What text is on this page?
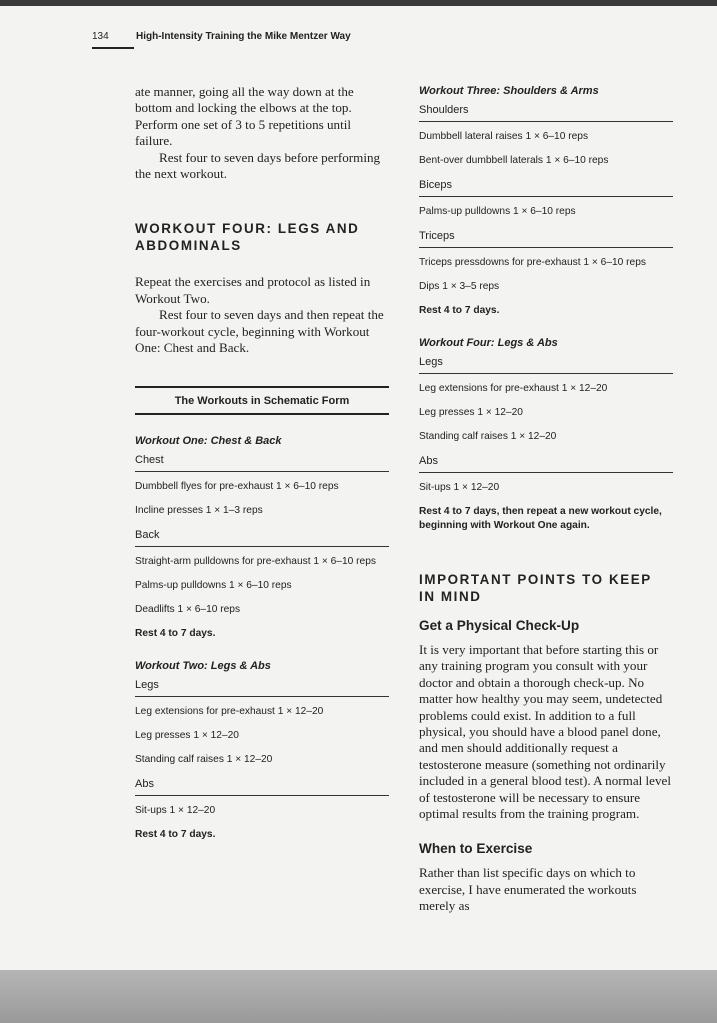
134	High-Intensity Training the Mike Mentzer Way

ate manner, going all the way down at the bottom and locking the elbows at the top. Perform one set of 3 to 5 repetitions until failure.

Rest four to seven days before performing the next workout.

WORKOUT FOUR: LEGS AND ABDOMINALS

Repeat the exercises and protocol as listed in Workout Two.

Rest four to seven days and then repeat the four-workout cycle, beginning with Workout One: Chest and Back.

The Workouts in Schematic Form
Workout One: Chest & Back
Chest
Dumbbell flyes for pre-exhaust 1 × 6–10 reps
Incline presses 1 × 1–3 reps
Back
Straight-arm pulldowns for pre-exhaust 1 × 6–10 reps
Palms-up pulldowns 1 × 6–10 reps
Deadlifts 1 × 6–10 reps
Rest 4 to 7 days.
Workout Two: Legs & Abs
Legs
Leg extensions for pre-exhaust 1 × 12–20
Leg presses 1 × 12–20
Standing calf raises 1 × 12–20
Abs
Sit-ups 1 × 12–20
Rest 4 to 7 days.
Workout Three: Shoulders & Arms
Shoulders
Dumbbell lateral raises 1 × 6–10 reps
Bent-over dumbbell laterals 1 × 6–10 reps
Biceps
Palms-up pulldowns 1 × 6–10 reps
Triceps
Triceps pressdowns for pre-exhaust 1 × 6–10 reps
Dips 1 × 3–5 reps
Rest 4 to 7 days.
Workout Four: Legs & Abs
Legs
Leg extensions for pre-exhaust 1 × 12–20
Leg presses 1 × 12–20
Standing calf raises 1 × 12–20
Abs
Sit-ups 1 × 12–20
Rest 4 to 7 days, then repeat a new workout cycle, beginning with Workout One again.
IMPORTANT POINTS TO KEEP IN MIND
Get a Physical Check-Up

It is very important that before starting this or any training program you consult with your doctor and obtain a thorough check-up. No matter how healthy you may seem, undetected problems could exist. In addition to a full physical, you should have a blood panel done, and men should additionally request a testosterone measure (something not ordinarily included in a general blood test). A normal level of testosterone will be necessary to ensure optimal results from the training program.

When to Exercise

Rather than list specific days on which to exercise, I have enumerated the workouts merely as
